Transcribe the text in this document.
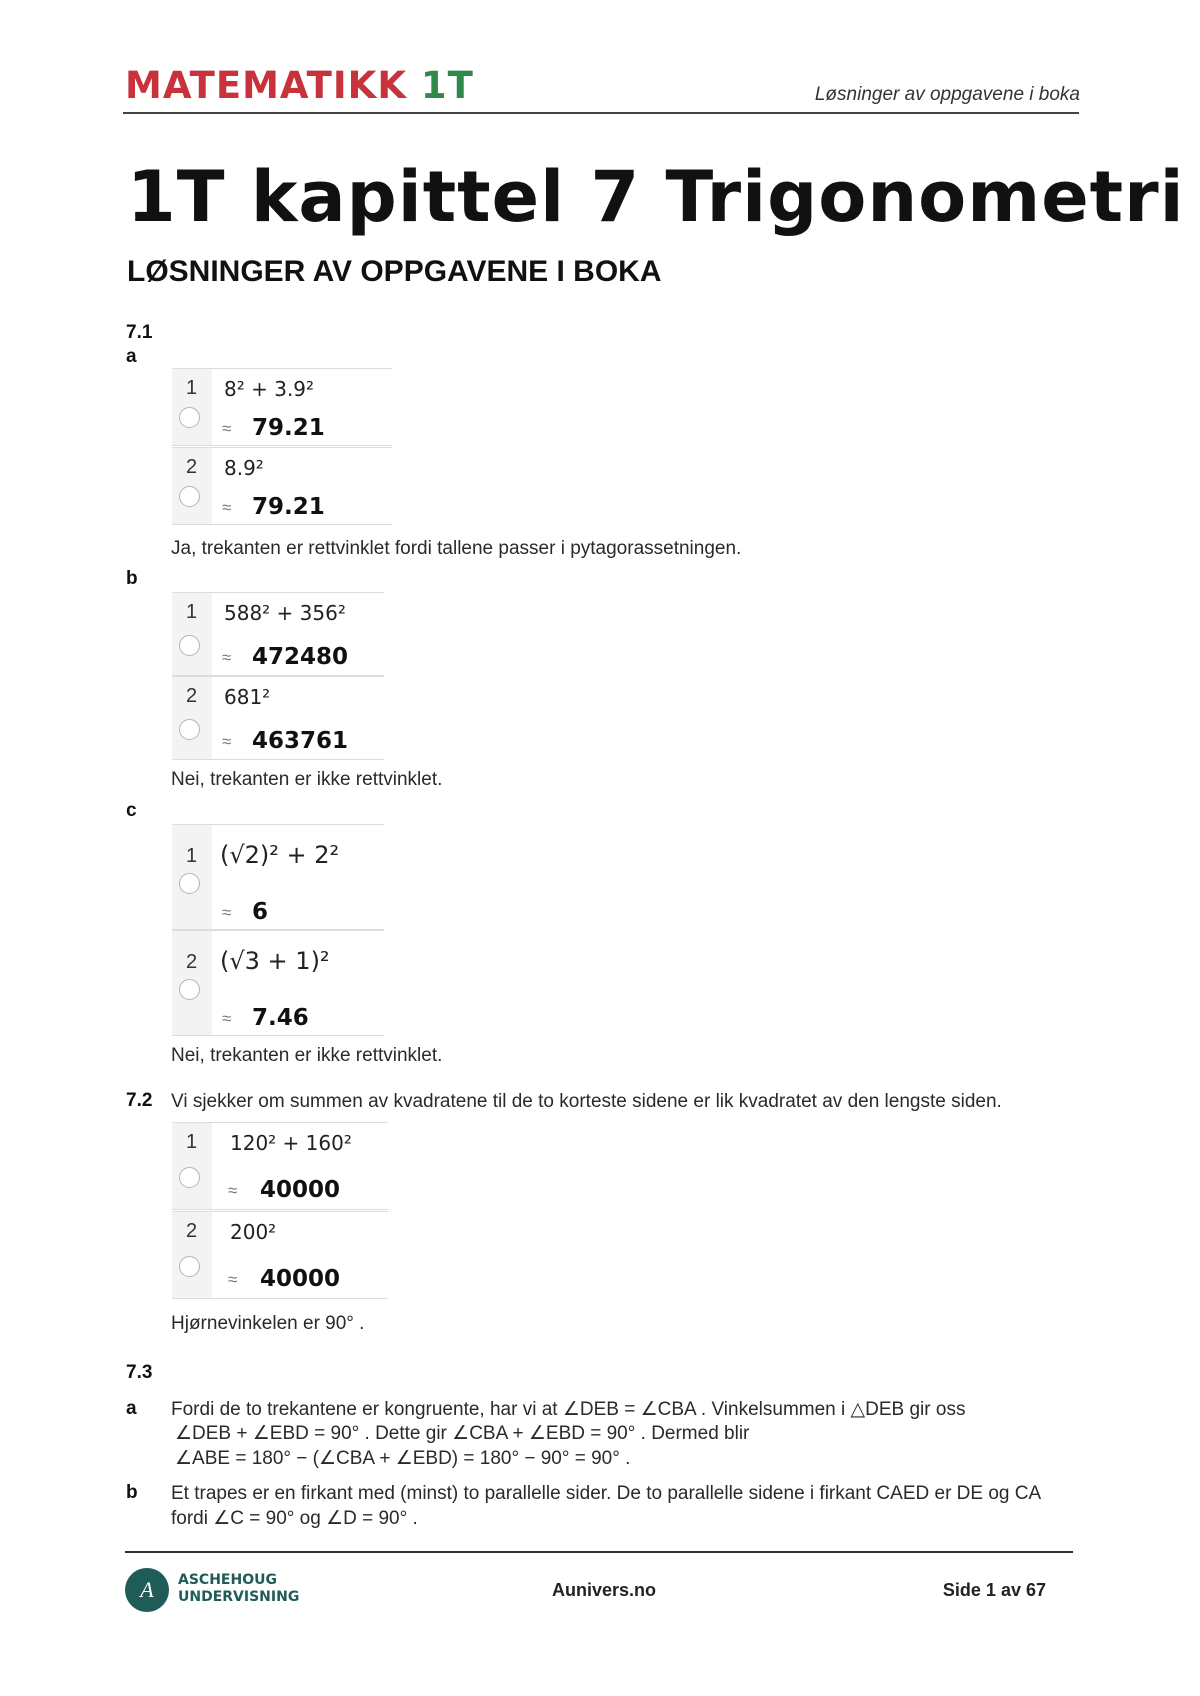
MATEMATIKK 1T	Løsninger av oppgavene i boka
1T kapittel 7 Trigonometri
LØSNINGER AV OPPGAVENE I BOKA
7.1
a
1 8² + 3.9²
≈ 79.21
2 8.9²
≈ 79.21
Ja, trekanten er rettvinklet fordi tallene passer i pytagorassetningen.
b
1 588² + 356²
≈ 472480
2 681²
≈ 463761
Nei, trekanten er ikke rettvinklet.
c
1 (√2)² + 2²
≈ 6
2 (√3 + 1)²
≈ 7.46
Nei, trekanten er ikke rettvinklet.
7.2 Vi sjekker om summen av kvadratene til de to korteste sidene er lik kvadratet av den lengste siden.
1 120² + 160²
≈ 40000
2 200²
≈ 40000
Hjørnevinkelen er 90° .
7.3
a Fordi de to trekantene er kongruente, har vi at ∠DEB = ∠CBA . Vinkelsummen i △DEB gir oss
∠DEB + ∠EBD = 90° . Dette gir ∠CBA + ∠EBD = 90° . Dermed blir
∠ABE = 180° − (∠CBA + ∠EBD) = 180° − 90° = 90° .
b Et trapes er en firkant med (minst) to parallelle sider. De to parallelle sidene i firkant CAED er DE og CA
fordi ∠C = 90° og ∠D = 90° .
A	ASCHEHOUG
UNDERVISNING	Aunivers.no	Side 1 av 67
